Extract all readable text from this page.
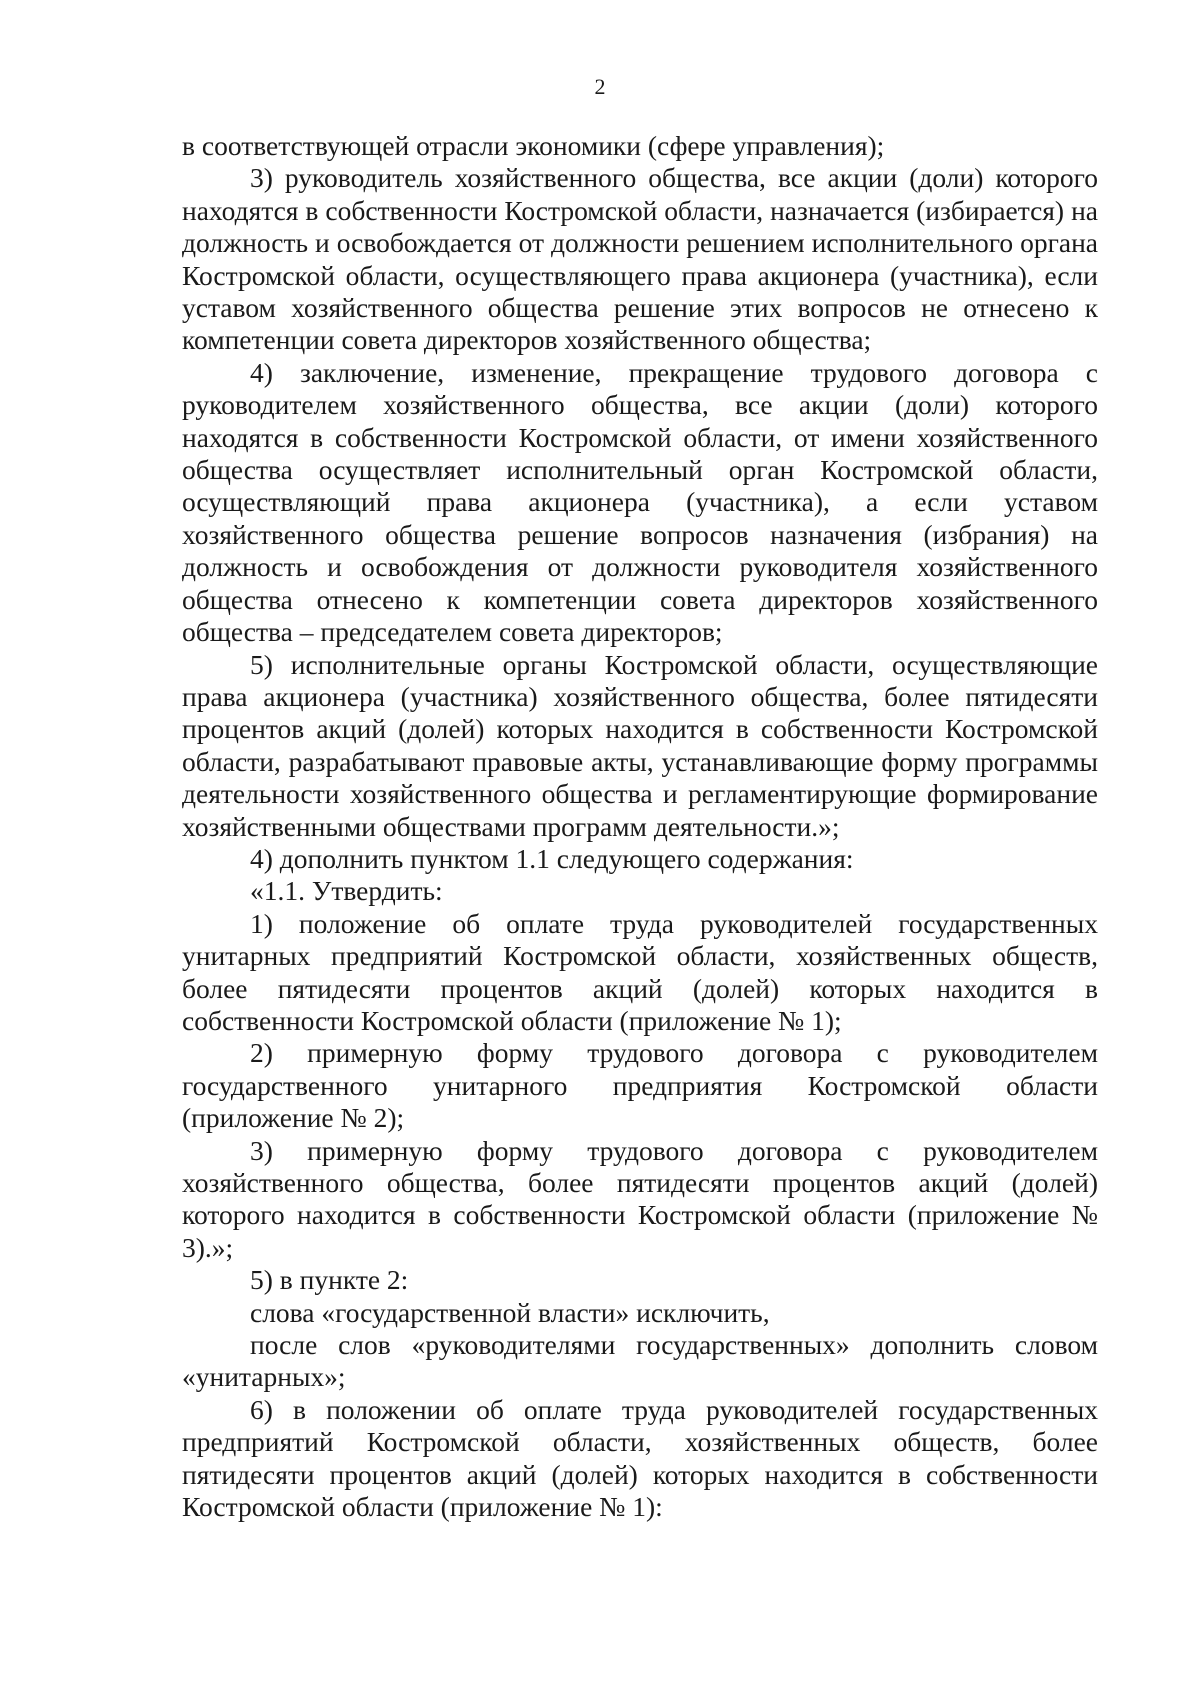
2

в соответствующей отрасли экономики (сфере управления);

3) руководитель хозяйственного общества, все акции (доли) которого находятся в собственности Костромской области, назначается (избирается) на должность и освобождается от должности решением исполнительного органа Костромской области, осуществляющего права акционера (участника), если уставом хозяйственного общества решение этих вопросов не отнесено к компетенции совета директоров хозяйственного общества;

4) заключение, изменение, прекращение трудового договора с руководителем хозяйственного общества, все акции (доли) которого находятся в собственности Костромской области, от имени хозяйственного общества осуществляет исполнительный орган Костромской области, осуществляющий права акционера (участника), а если уставом хозяйственного общества решение вопросов назначения (избрания) на должность и освобождения от должности руководителя хозяйственного общества отнесено к компетенции совета директоров хозяйственного общества – председателем совета директоров;

5) исполнительные органы Костромской области, осуществляющие права акционера (участника) хозяйственного общества, более пятидесяти процентов акций (долей) которых находится в собственности Костромской области, разрабатывают правовые акты, устанавливающие форму программы деятельности хозяйственного общества и регламентирующие формирование хозяйственными обществами программ деятельности.»;

4) дополнить пунктом 1.1 следующего содержания:

«1.1. Утвердить:

1) положение об оплате труда руководителей государственных унитарных предприятий Костромской области, хозяйственных обществ, более пятидесяти процентов акций (долей) которых находится в собственности Костромской области (приложение № 1);

2) примерную форму трудового договора с руководителем государственного унитарного предприятия Костромской области (приложение № 2);

3) примерную форму трудового договора с руководителем хозяйственного общества, более пятидесяти процентов акций (долей) которого находится в собственности Костромской области (приложение № 3).»;

5) в пункте 2:

слова «государственной власти» исключить,

после слов «руководителями государственных» дополнить словом «унитарных»;

6) в положении об оплате труда руководителей государственных предприятий Костромской области, хозяйственных обществ, более пятидесяти процентов акций (долей) которых находится в собственности Костромской области (приложение № 1):
